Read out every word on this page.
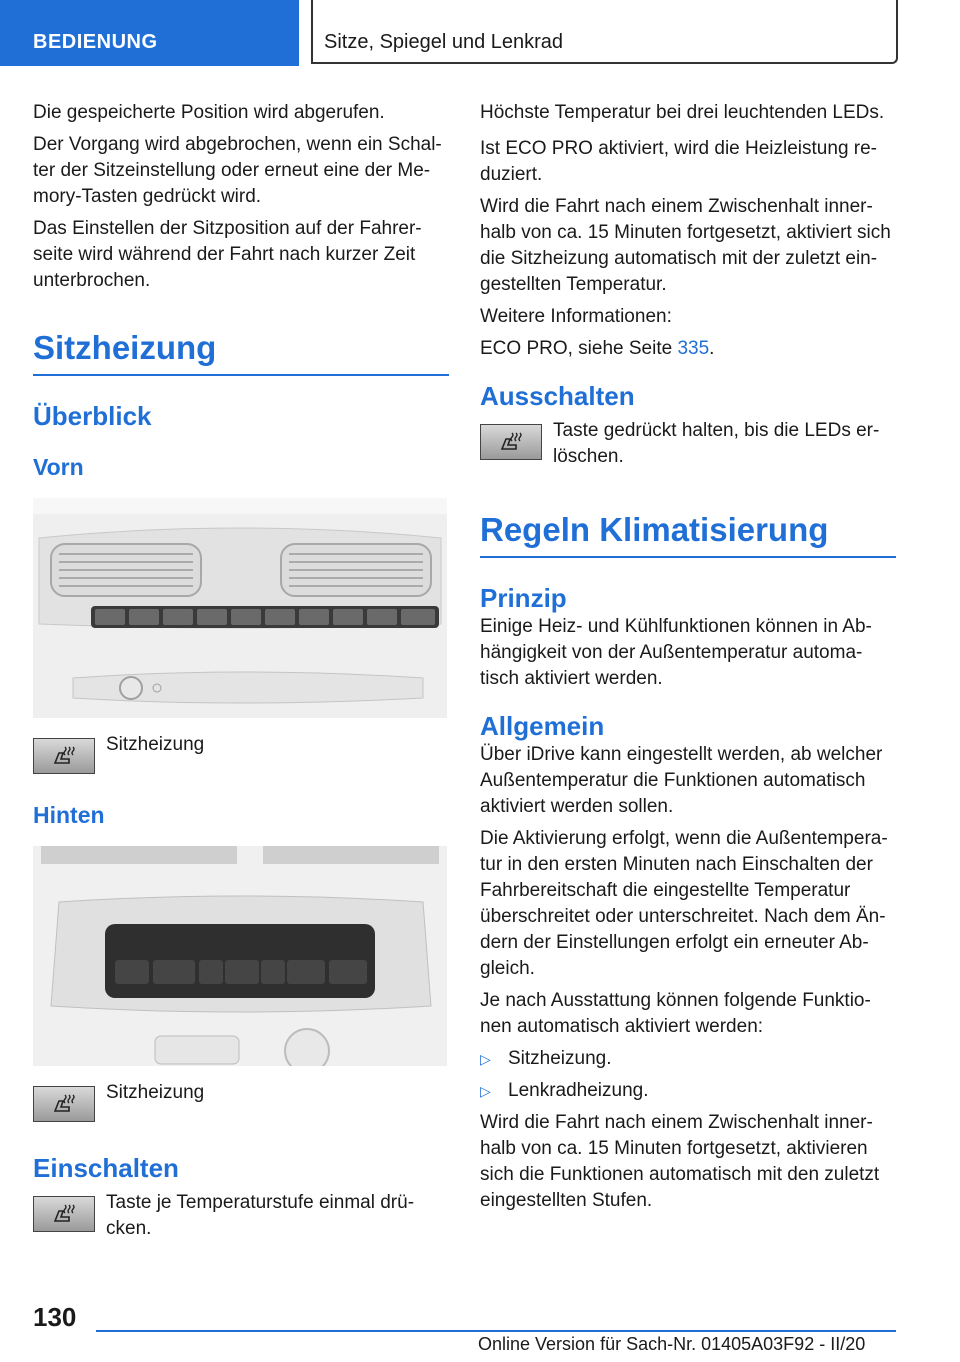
BEDIENUNG	Sitze, Spiegel und Lenkrad

Die gespeicherte Position wird abgerufen.

Der Vorgang wird abgebrochen, wenn ein Schal-
ter der Sitzeinstellung oder erneut eine der Me-
mory-Tasten gedrückt wird.

Das Einstellen der Sitzposition auf der Fahrer-
seite wird während der Fahrt nach kurzer Zeit
unterbrochen.

Sitzheizung
Überblick
Vorn

Sitzheizung

Hinten

Sitzheizung

Einschalten

Taste je Temperaturstufe einmal drü-
cken.

Höchste Temperatur bei drei leuchtenden LEDs.

Ist ECO PRO aktiviert, wird die Heizleistung re-
duziert.

Wird die Fahrt nach einem Zwischenhalt inner-
halb von ca. 15 Minuten fortgesetzt, aktiviert sich
die Sitzheizung automatisch mit der zuletzt ein-
gestellten Temperatur.

Weitere Informationen:

ECO PRO, siehe Seite 335.

Ausschalten

Taste gedrückt halten, bis die LEDs er-
löschen.

Regeln Klimatisierung
Prinzip

Einige Heiz- und Kühlfunktionen können in Ab-
hängigkeit von der Außentemperatur automa-
tisch aktiviert werden.

Allgemein

Über iDrive kann eingestellt werden, ab welcher
Außentemperatur die Funktionen automatisch
aktiviert werden sollen.

Die Aktivierung erfolgt, wenn die Außentempera-
tur in den ersten Minuten nach Einschalten der
Fahrbereitschaft die eingestellte Temperatur
überschreitet oder unterschreitet. Nach dem Än-
dern der Einstellungen erfolgt ein erneuter Ab-
gleich.

Je nach Ausstattung können folgende Funktio-
nen automatisch aktiviert werden:

▷ Sitzheizung.
▷ Lenkradheizung.

Wird die Fahrt nach einem Zwischenhalt inner-
halb von ca. 15 Minuten fortgesetzt, aktivieren
sich die Funktionen automatisch mit den zuletzt
eingestellten Stufen.

130
Online Version für Sach-Nr. 01405A03F92 - II/20
